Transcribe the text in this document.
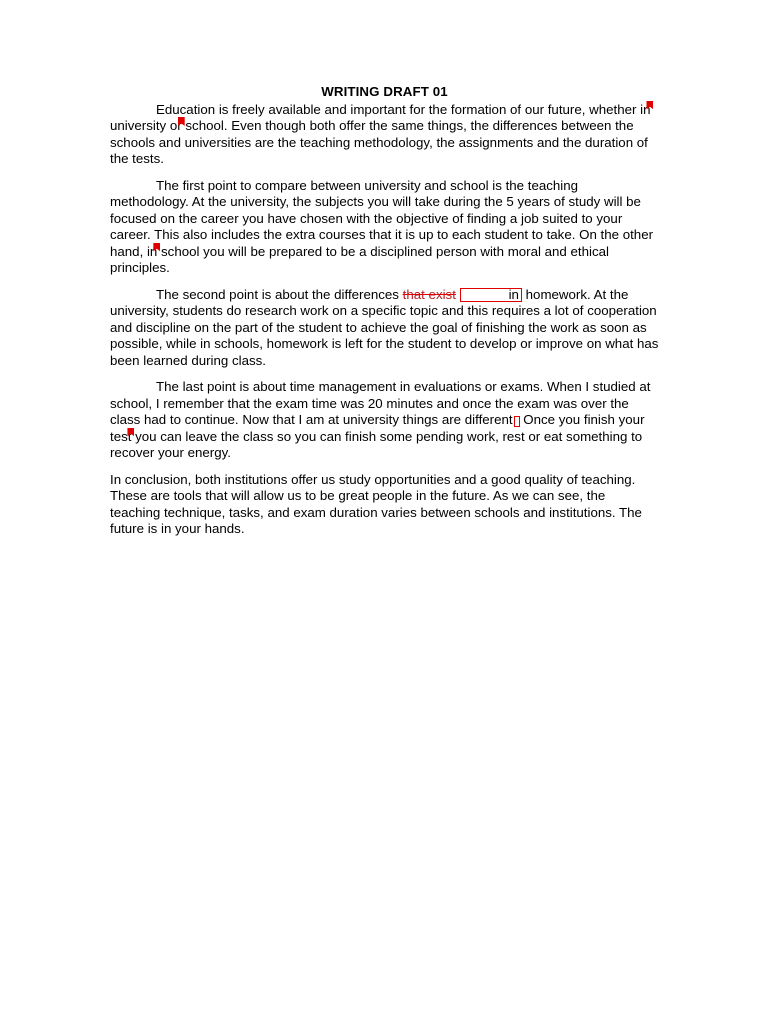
WRITING DRAFT 01

Education is freely available and important for the formation of our future, whether in university or school. Even though both offer the same things, the differences between the schools and universities are the teaching methodology, the assignments and the duration of the tests.

The first point to compare between university and school is the teaching methodology. At the university, the subjects you will take during the 5 years of study will be focused on the career you have chosen with the objective of finding a job suited to your career. This also includes the extra courses that it is up to each student to take. On the other hand, in school you will be prepared to be a disciplined person with moral and ethical principles.

The second point is about the differences that exist	in homework. At the university, students do research work on a specific topic and this requires a lot of cooperation and discipline on the part of the student to achieve the goal of finishing the work as soon as possible, while in schools, homework is left for the student to develop or improve on what has been learned during class.

The last point is about time management in evaluations or exams. When I studied at school, I remember that the exam time was 20 minutes and once the exam was over the class had to continue. Now that I am at university things are different Once you finish your test you can leave the class so you can finish some pending work, rest or eat something to recover your energy.

In conclusion, both institutions offer us study opportunities and a good quality of teaching. These are tools that will allow us to be great people in the future. As we can see, the teaching technique, tasks, and exam duration varies between schools and institutions. The future is in your hands.
